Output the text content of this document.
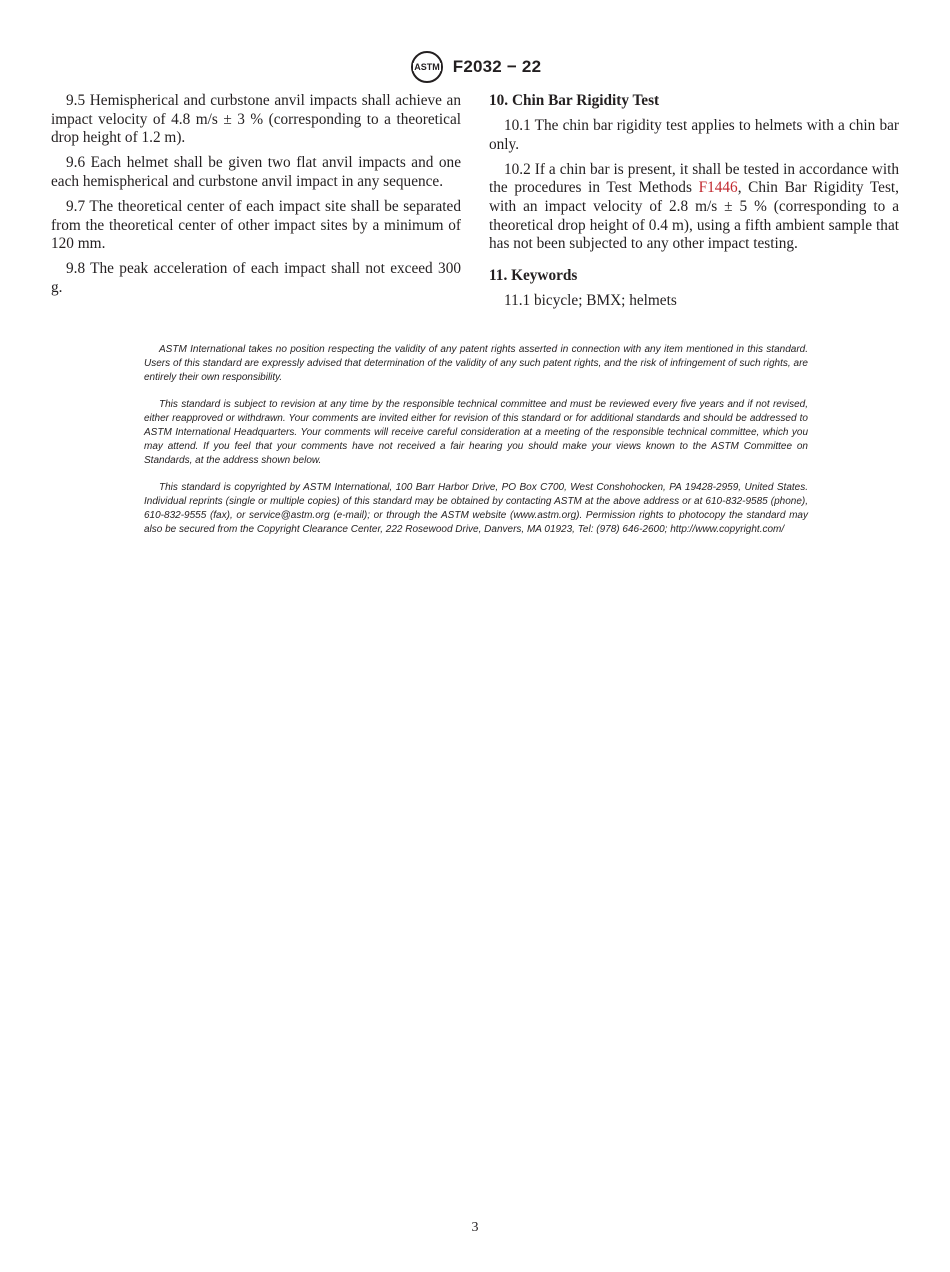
ASTM F2032 − 22

9.5 Hemispherical and curbstone anvil impacts shall achieve an impact velocity of 4.8 m/s ± 3 % (corresponding to a theoretical drop height of 1.2 m).

9.6 Each helmet shall be given two flat anvil impacts and one each hemispherical and curbstone anvil impact in any sequence.

9.7 The theoretical center of each impact site shall be separated from the theoretical center of other impact sites by a minimum of 120 mm.

9.8 The peak acceleration of each impact shall not exceed 300 g.

10. Chin Bar Rigidity Test

10.1 The chin bar rigidity test applies to helmets with a chin bar only.

10.2 If a chin bar is present, it shall be tested in accordance with the procedures in Test Methods F1446, Chin Bar Rigidity Test, with an impact velocity of 2.8 m/s ± 5 % (corresponding to a theoretical drop height of 0.4 m), using a fifth ambient sample that has not been subjected to any other impact testing.

11. Keywords

11.1 bicycle; BMX; helmets

ASTM International takes no position respecting the validity of any patent rights asserted in connection with any item mentioned in this standard. Users of this standard are expressly advised that determination of the validity of any such patent rights, and the risk of infringement of such rights, are entirely their own responsibility.

This standard is subject to revision at any time by the responsible technical committee and must be reviewed every five years and if not revised, either reapproved or withdrawn. Your comments are invited either for revision of this standard or for additional standards and should be addressed to ASTM International Headquarters. Your comments will receive careful consideration at a meeting of the responsible technical committee, which you may attend. If you feel that your comments have not received a fair hearing you should make your views known to the ASTM Committee on Standards, at the address shown below.

This standard is copyrighted by ASTM International, 100 Barr Harbor Drive, PO Box C700, West Conshohocken, PA 19428-2959, United States. Individual reprints (single or multiple copies) of this standard may be obtained by contacting ASTM at the above address or at 610-832-9585 (phone), 610-832-9555 (fax), or service@astm.org (e-mail); or through the ASTM website (www.astm.org). Permission rights to photocopy the standard may also be secured from the Copyright Clearance Center, 222 Rosewood Drive, Danvers, MA 01923, Tel: (978) 646-2600; http://www.copyright.com/

3
